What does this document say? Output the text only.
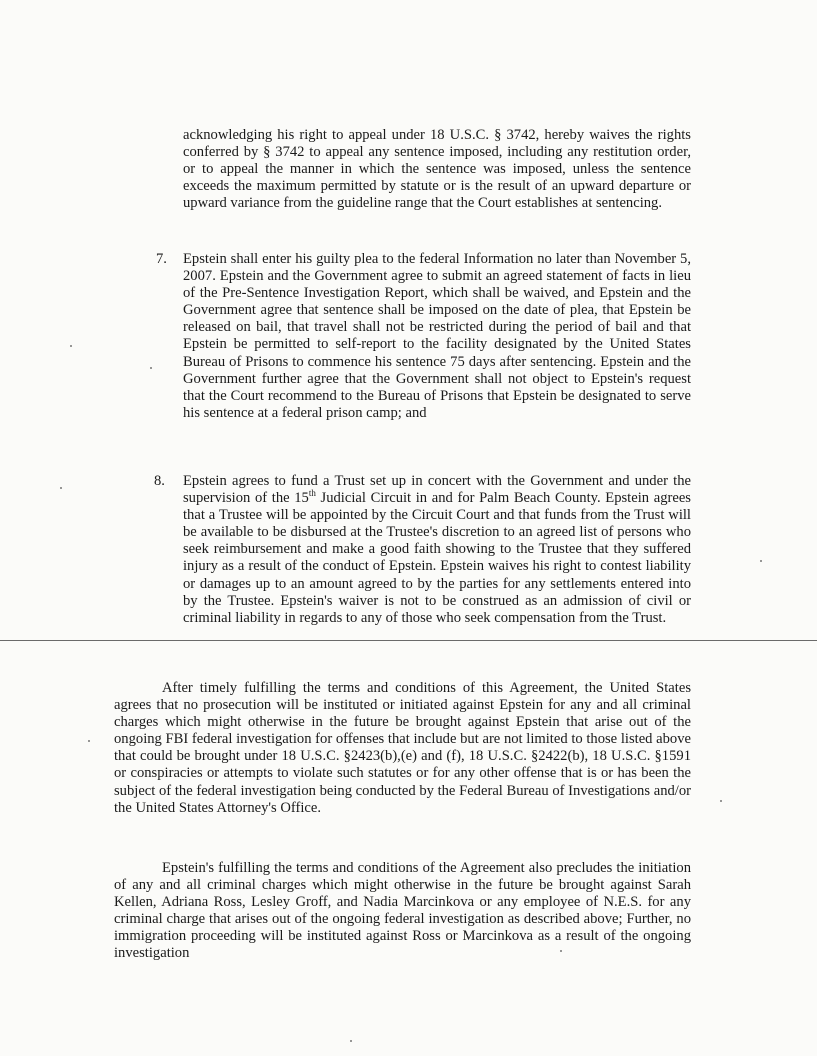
acknowledging his right to appeal under 18 U.S.C. § 3742, hereby waives the rights conferred by § 3742 to appeal any sentence imposed, including any restitution order, or to appeal the manner in which the sentence was imposed, unless the sentence exceeds the maximum permitted by statute or is the result of an upward departure or upward variance from the guideline range that the Court establishes at sentencing.

7. Epstein shall enter his guilty plea to the federal Information no later than November 5, 2007. Epstein and the Government agree to submit an agreed statement of facts in lieu of the Pre-Sentence Investigation Report, which shall be waived, and Epstein and the Government agree that sentence shall be imposed on the date of plea, that Epstein be released on bail, that travel shall not be restricted during the period of bail and that Epstein be permitted to self-report to the facility designated by the United States Bureau of Prisons to commence his sentence 75 days after sentencing. Epstein and the Government further agree that the Government shall not object to Epstein's request that the Court recommend to the Bureau of Prisons that Epstein be designated to serve his sentence at a federal prison camp; and

8. Epstein agrees to fund a Trust set up in concert with the Government and under the supervision of the 15th Judicial Circuit in and for Palm Beach County. Epstein agrees that a Trustee will be appointed by the Circuit Court and that funds from the Trust will be available to be disbursed at the Trustee's discretion to an agreed list of persons who seek reimbursement and make a good faith showing to the Trustee that they suffered injury as a result of the conduct of Epstein. Epstein waives his right to contest liability or damages up to an amount agreed to by the parties for any settlements entered into by the Trustee. Epstein's waiver is not to be construed as an admission of civil or criminal liability in regards to any of those who seek compensation from the Trust.

After timely fulfilling the terms and conditions of this Agreement, the United States agrees that no prosecution will be instituted or initiated against Epstein for any and all criminal charges which might otherwise in the future be brought against Epstein that arise out of the ongoing FBI federal investigation for offenses that include but are not limited to those listed above that could be brought under 18 U.S.C. §2423(b),(e) and (f), 18 U.S.C. §2422(b), 18 U.S.C. §1591 or conspiracies or attempts to violate such statutes or for any other offense that is or has been the subject of the federal investigation being conducted by the Federal Bureau of Investigations and/or the United States Attorney's Office.

Epstein's fulfilling the terms and conditions of the Agreement also precludes the initiation of any and all criminal charges which might otherwise in the future be brought against Sarah Kellen, Adriana Ross, Lesley Groff, and Nadia Marcinkova or any employee of N.E.S. for any criminal charge that arises out of the ongoing federal investigation as described above; Further, no immigration proceeding will be instituted against Ross or Marcinkova as a result of the ongoing investigation
